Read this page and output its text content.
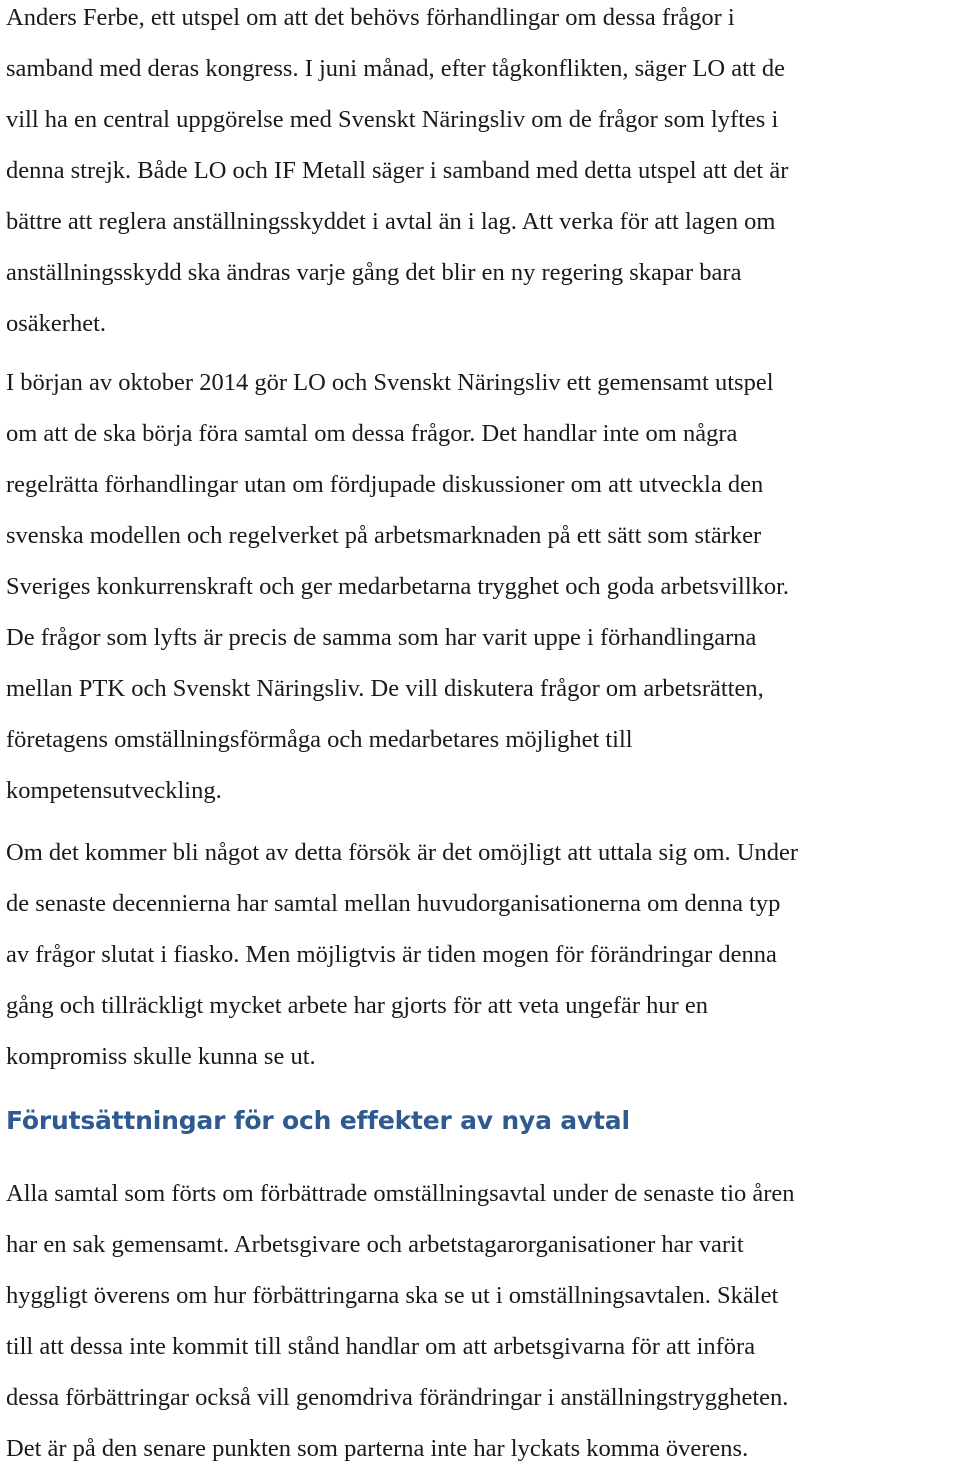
Anders Ferbe, ett utspel om att det behövs förhandlingar om dessa frågor i
samband med deras kongress. I juni månad, efter tågkonflikten, säger LO att de
vill ha en central uppgörelse med Svenskt Näringsliv om de frågor som lyftes i
denna strejk. Både LO och IF Metall säger i samband med detta utspel att det är
bättre att reglera anställningsskyddet i avtal än i lag. Att verka för att lagen om
anställningsskydd ska ändras varje gång det blir en ny regering skapar bara
osäkerhet.

I början av oktober 2014 gör LO och Svenskt Näringsliv ett gemensamt utspel
om att de ska börja föra samtal om dessa frågor. Det handlar inte om några
regelrätta förhandlingar utan om fördjupade diskussioner om att utveckla den
svenska modellen och regelverket på arbetsmarknaden på ett sätt som stärker
Sveriges konkurrenskraft och ger medarbetarna trygghet och goda arbetsvillkor.
De frågor som lyfts är precis de samma som har varit uppe i förhandlingarna
mellan PTK och Svenskt Näringsliv. De vill diskutera frågor om arbetsrätten,
företagens omställningsförmåga och medarbetares möjlighet till
kompetensutveckling.

Om det kommer bli något av detta försök är det omöjligt att uttala sig om. Under
de senaste decennierna har samtal mellan huvudorganisationerna om denna typ
av frågor slutat i fiasko. Men möjligtvis är tiden mogen för förändringar denna
gång och tillräckligt mycket arbete har gjorts för att veta ungefär hur en
kompromiss skulle kunna se ut.

Förutsättningar för och effekter av nya avtal

Alla samtal som förts om förbättrade omställningsavtal under de senaste tio åren
har en sak gemensamt. Arbetsgivare och arbetstagarorganisationer har varit
hyggligt överens om hur förbättringarna ska se ut i omställningsavtalen. Skälet
till att dessa inte kommit till stånd handlar om att arbetsgivarna för att införa
dessa förbättringar också vill genomdriva förändringar i anställningstryggheten.
Det är på den senare punkten som parterna inte har lyckats komma överens.
